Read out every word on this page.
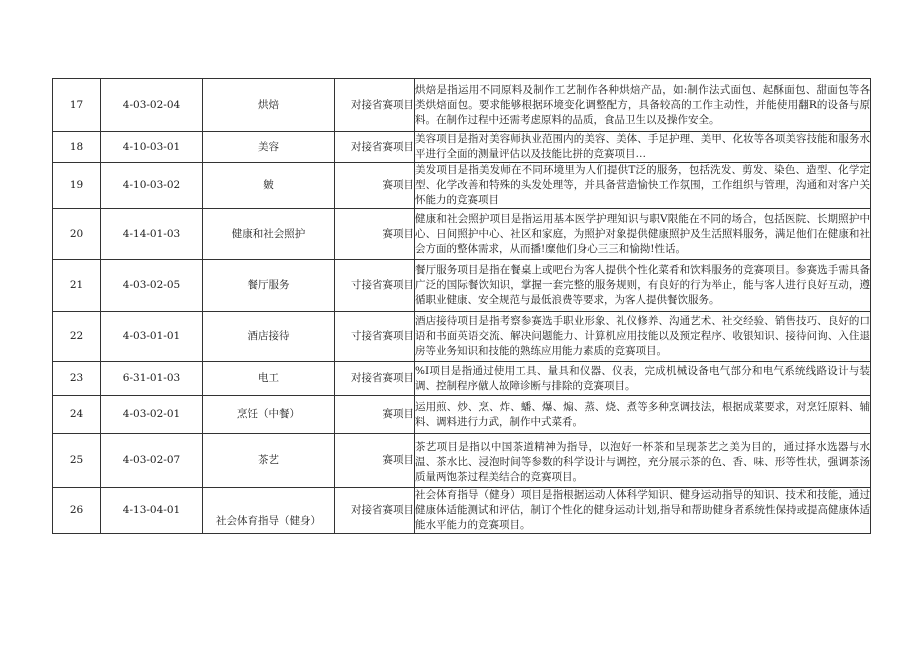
17	4-03-02-04	烘焙	对接省赛项目	烘焙是指运用不同原料及制作工艺制作各种烘焙产品，如:制作法式面包、起酥面包、甜面包等各类烘焙面包。要求能够根据环境变化调整配方，具备较高的工作主动性，并能使用翻R的设备与原料。在制作过程中还需考虑原料的品质，食品卫生以及操作安全。
18	4-10-03-01	美容	对接省赛项目	美容项目是指对美容师执业范围内的美容、美体、手足护理、美甲、化妆等各项美容技能和服务水平进行全面的测量评估以及技能比拼的竞赛项目…
19	4-10-03-02	皴	赛项目	美发项目是指美发师在不同环境里为人们提供T泛的服务，包括洗发、剪发、染色、造型、化学定型、化学改善和特殊的头发处理等，并具备营造愉快工作氛围，工作组织与管理，沟通和对客户关怀能力的竞赛项目
20	4-14-01-03	健康和社会照护	赛项目	健康和社会照护项目是指运用基本医学护理知识与职V限能在不同的场合，包括医院、长期照护中心、日间照护中心、社区和家庭，为照护对象提供健康照护及生活照料服务，满足他们在健康和社会方面的整体需求，从而播!糜他们身心三三和愉拗!性话。
21	4-03-02-05	餐厅服务	寸接省赛项目	餐厅服务项目是指在餐桌上或吧台为客人提供个性化菜肴和饮料服务的竞赛项目。参赛选手需具备广泛的国际餐饮知识，掌握一套完整的服务规则，有良好的行为举止，能与客人进行良好互动，遵循职业健康、安全规范与最低浪费等要求，为客人提供餐饮服务。
22	4-03-01-01	酒店接待	寸接省赛项目	酒店接待项目是指考察参赛选手职业形象、礼仪修养、沟通艺术、社交经验、销售技巧、良好的口语和书面英语交流、解决问题能力、计算机应用技能以及预定程序、收银知识、接待问询、入住退房等业务知识和技能的熟练应用能力素质的竞赛项目。
23	6-31-01-03	电工	对接省赛项目	%I项目是指通过使用工具、量具和仪器、仪表，完成机械设备电气部分和电气系统线路设计与装调、控制程序僦人故障诊断与排除的竞赛项目。
24	4-03-02-01	烹饪（中餐）	赛项目	运用煎、炒、烹、炸、蟠、爆、煽、蒸、烧、煮等多种烹调技法，根据成菜要求，对烹饪原料、辅料、调料进行力武，制作中式菜肴。
25	4-03-02-07	茶艺	赛项目	茶艺项目是指以中国茶道精神为指导，以泡好一杯茶和呈现茶艺之美为目的，通过择水选器与水温、茶水比、浸泡时间等参数的科学设计与调控，充分展示茶的色、香、味、形等性状，强调茶汤质量两饱茶过程美结合的竞赛项目。
26	4-13-04-01	社会体育指导（健身）	对接省赛项目	社会体育指导（健身）项目是指根据运动人体科学知识、健身运动指导的知识、技术和技能，通过健康体适能测试和评估，制订个性化的健身运动计划,指导和帮助健身者系统性保持或提高健康体适能水平能力的竞赛项目。
